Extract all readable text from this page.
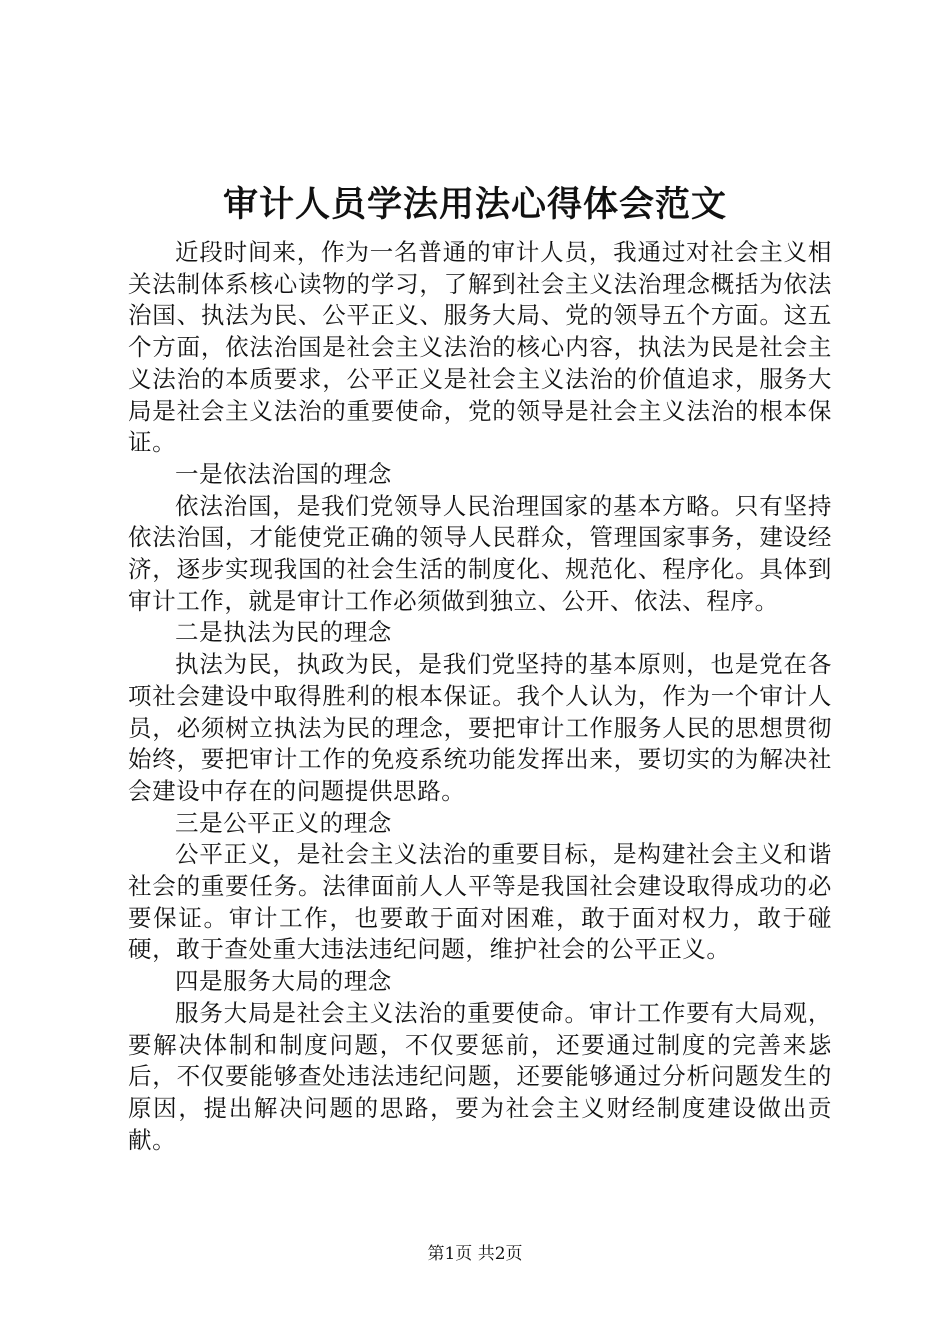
审计人员学法用法心得体会范文

近段时间来，作为一名普通的审计人员，我通过对社会主义相关法制体系核心读物的学习，了解到社会主义法治理念概括为依法治国、执法为民、公平正义、服务大局、党的领导五个方面。这五个方面，依法治国是社会主义法治的核心内容，执法为民是社会主义法治的本质要求，公平正义是社会主义法治的价值追求，服务大局是社会主义法治的重要使命，党的领导是社会主义法治的根本保证。

一是依法治国的理念

依法治国，是我们党领导人民治理国家的基本方略。只有坚持依法治国，才能使党正确的领导人民群众，管理国家事务，建设经济，逐步实现我国的社会生活的制度化、规范化、程序化。具体到审计工作，就是审计工作必须做到独立、公开、依法、程序。

二是执法为民的理念

执法为民，执政为民，是我们党坚持的基本原则，也是党在各项社会建设中取得胜利的根本保证。我个人认为，作为一个审计人员，必须树立执法为民的理念，要把审计工作服务人民的思想贯彻始终，要把审计工作的免疫系统功能发挥出来，要切实的为解决社会建设中存在的问题提供思路。

三是公平正义的理念

公平正义，是社会主义法治的重要目标，是构建社会主义和谐社会的重要任务。法律面前人人平等是我国社会建设取得成功的必要保证。审计工作，也要敢于面对困难，敢于面对权力，敢于碰硬，敢于查处重大违法违纪问题，维护社会的公平正义。

四是服务大局的理念

服务大局是社会主义法治的重要使命。审计工作要有大局观，要解决体制和制度问题，不仅要惩前，还要通过制度的完善来毖后，不仅要能够查处违法违纪问题，还要能够通过分析问题发生的原因，提出解决问题的思路，要为社会主义财经制度建设做出贡献。

第1页 共2页
